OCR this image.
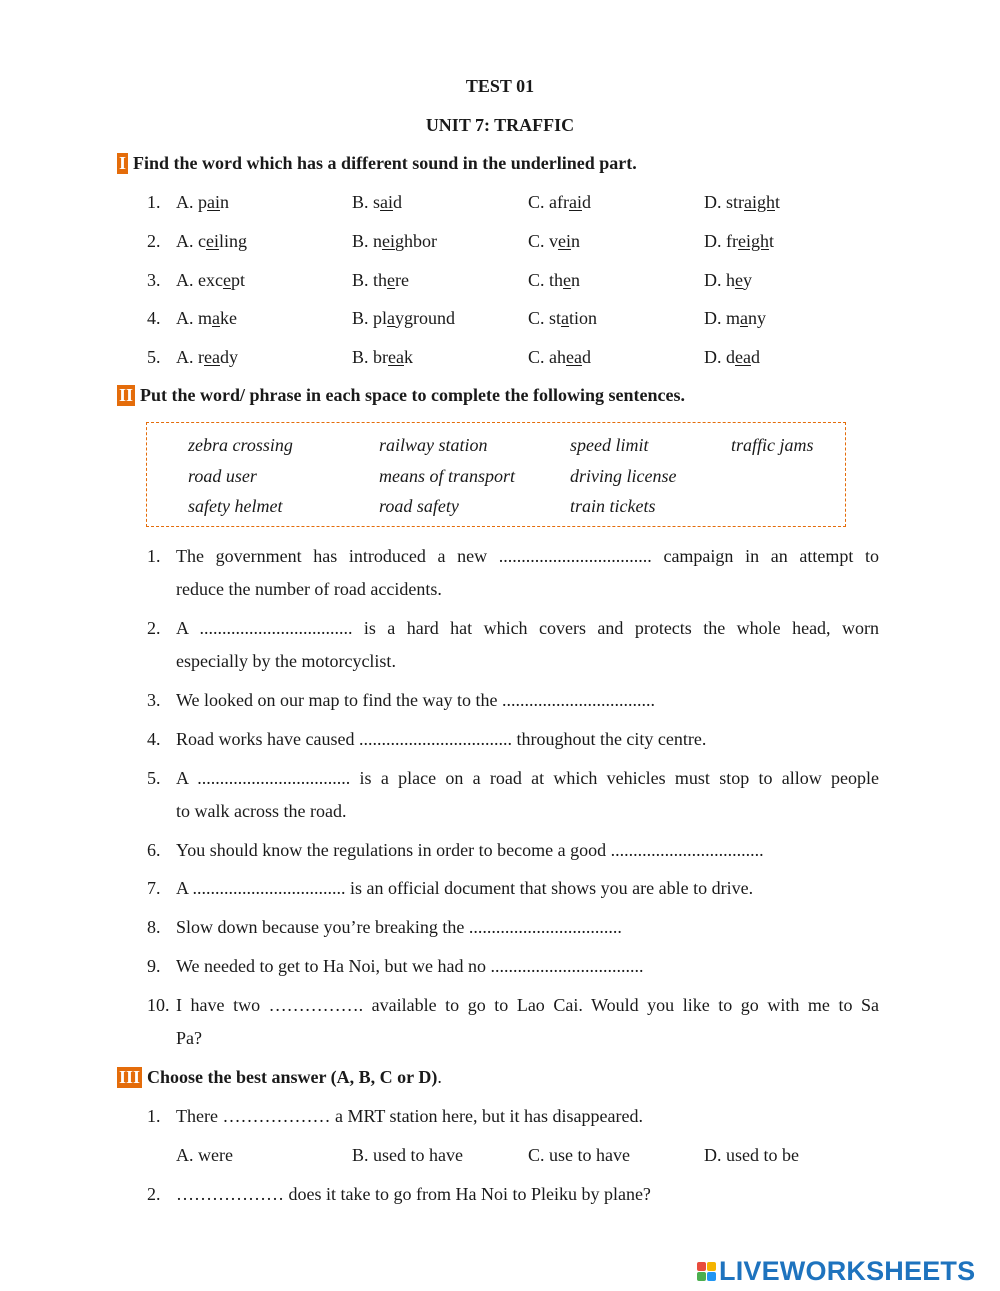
TEST 01
UNIT 7: TRAFFIC
I Find the word which has a different sound in the underlined part.
1. A. pain	B. said	C. afraid	D. straight
2. A. ceiling	B. neighbor	C. vein	D. freight
3. A. except	B. there	C. then	D. hey
4. A. make	B. playground	C. station	D. many
5. A. ready	B. break	C. ahead	D. dead
II Put the word/ phrase in each space to complete the following sentences.
zebra crossing	railway station	speed limit	traffic jams
road user	means of transport	driving license
safety helmet	road safety	train tickets
1. The government has introduced a new .................................. campaign in an attempt to
reduce the number of road accidents.
2. A .................................. is a hard hat which covers and protects the whole head, worn
especially by the motorcyclist.
3. We looked on our map to find the way to the ..................................
4. Road works have caused .................................. throughout the city centre.
5. A .................................. is a place on a road at which vehicles must stop to allow people
to walk across the road.
6. You should know the regulations in order to become a good ..................................
7. A .................................. is an official document that shows you are able to drive.
8. Slow down because you’re breaking the ..................................
9. We needed to get to Ha Noi, but we had no ..................................
10. I have two ……………. available to go to Lao Cai. Would you like to go with me to Sa
Pa?
III Choose the best answer (A, B, C or D) .
1. There ……………… a MRT station here, but it has disappeared.
A. were	B. used to have	C. use to have	D. used to be
2. ……………… does it take to go from Ha Noi to Pleiku by plane?
LIVEWORKSHEETS
